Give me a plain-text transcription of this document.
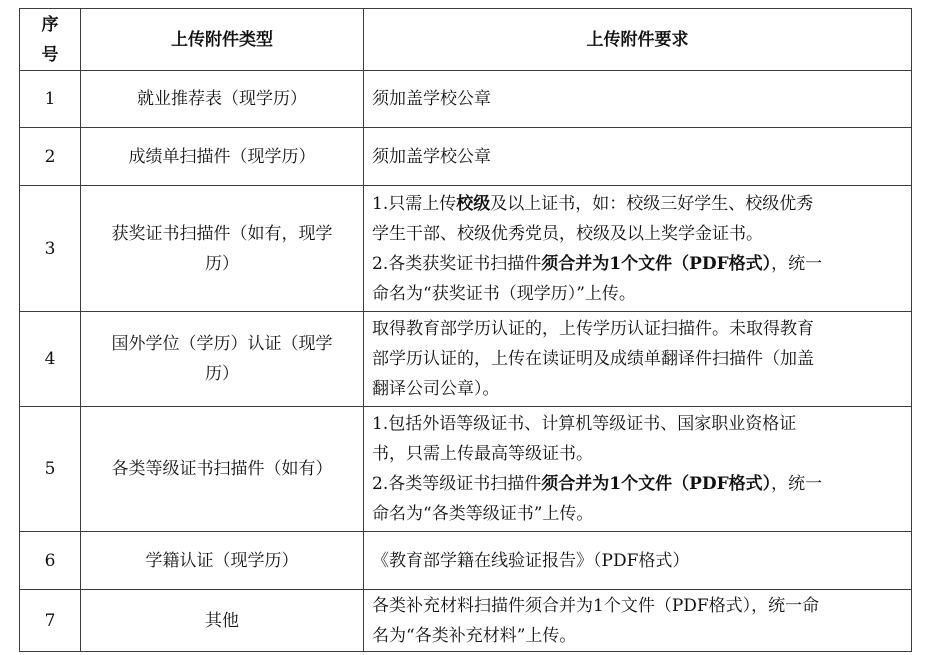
序
号	上传附件类型	上传附件要求
1	就业推荐表（现学历）	须加盖学校公章
2	成绩单扫描件（现学历）	须加盖学校公章
3	获奖证书扫描件（如有，现学
历）	1.只需上传校级及以上证书，如：校级三好学生、校级优秀
学生干部、校级优秀党员，校级及以上奖学金证书。
2.各类获奖证书扫描件须合并为1个文件（PDF格式），统一
命名为“获奖证书（现学历）”上传。

4	国外学位（学历）认证（现学
历）	取得教育部学历认证的，上传学历认证扫描件。未取得教育
部学历认证的，上传在读证明及成绩单翻译件扫描件（加盖
翻译公司公章）。

5	各类等级证书扫描件（如有）	1.包括外语等级证书、计算机等级证书、国家职业资格证
书，只需上传最高等级证书。
2.各类等级证书扫描件须合并为1个文件（PDF格式），统一
命名为“各类等级证书”上传。

6	学籍认证（现学历）	《教育部学籍在线验证报告》（PDF格式）
7	其他	各类补充材料扫描件须合并为1个文件（PDF格式），统一命
名为“各类补充材料”上传。
